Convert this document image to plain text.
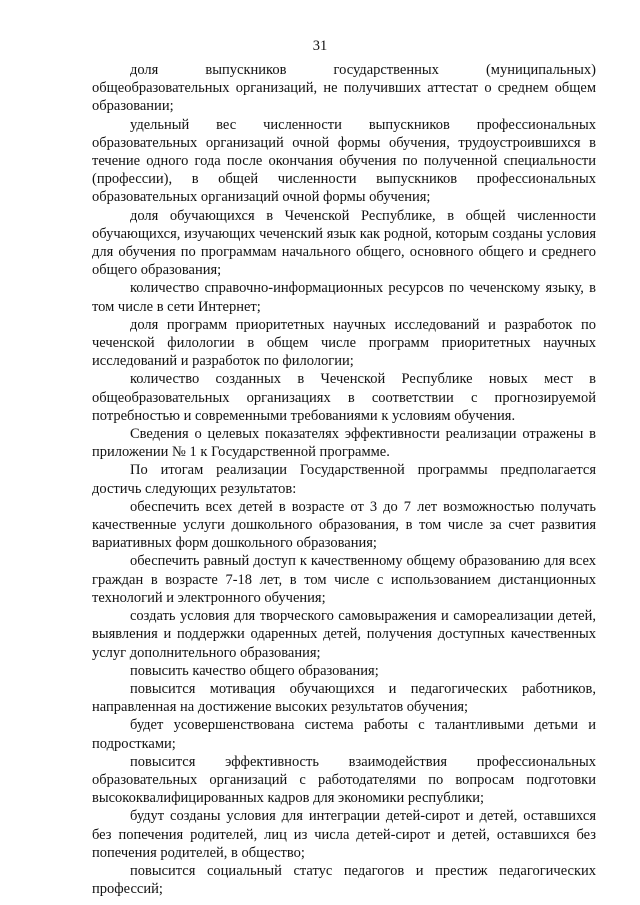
31

доля выпускников государственных (муниципальных) общеобразовательных организаций, не получивших аттестат о среднем общем образовании;

удельный вес численности выпускников профессиональных образовательных организаций очной формы обучения, трудоустроившихся в течение одного года после окончания обучения по полученной специальности (профессии), в общей численности выпускников профессиональных образовательных организаций очной формы обучения;

доля обучающихся в Чеченской Республике, в общей численности обучающихся, изучающих чеченский язык как родной, которым созданы условия для обучения по программам начального общего, основного общего и среднего общего образования;

количество справочно-информационных ресурсов по чеченскому языку, в том числе в сети Интернет;

доля программ приоритетных научных исследований и разработок по чеченской филологии в общем числе программ приоритетных научных исследований и разработок по филологии;

количество созданных в Чеченской Республике новых мест в общеобразовательных организациях в соответствии с прогнозируемой потребностью и современными требованиями к условиям обучения.

Сведения о целевых показателях эффективности реализации отражены в приложении № 1 к Государственной программе.

По итогам реализации Государственной программы предполагается достичь следующих результатов:

обеспечить всех детей в возрасте от 3 до 7 лет возможностью получать качественные услуги дошкольного образования, в том числе за счет развития вариативных форм дошкольного образования;

обеспечить равный доступ к качественному общему образованию для всех граждан в возрасте 7-18 лет, в том числе с использованием дистанционных технологий и электронного обучения;

создать условия для творческого самовыражения и самореализации детей, выявления и поддержки одаренных детей, получения доступных качественных услуг дополнительного образования;

повысить качество общего образования;

повысится мотивация обучающихся и педагогических работников, направленная на достижение высоких результатов обучения;

будет усовершенствована система работы с талантливыми детьми и подростками;

повысится эффективность взаимодействия профессиональных образовательных организаций с работодателями по вопросам подготовки высококвалифицированных кадров для экономики республики;

будут созданы условия для интеграции детей-сирот и детей, оставшихся без попечения родителей, лиц из числа детей-сирот и детей, оставшихся без попечения родителей, в общество;

повысится социальный статус педагогов и престиж педагогических профессий;
